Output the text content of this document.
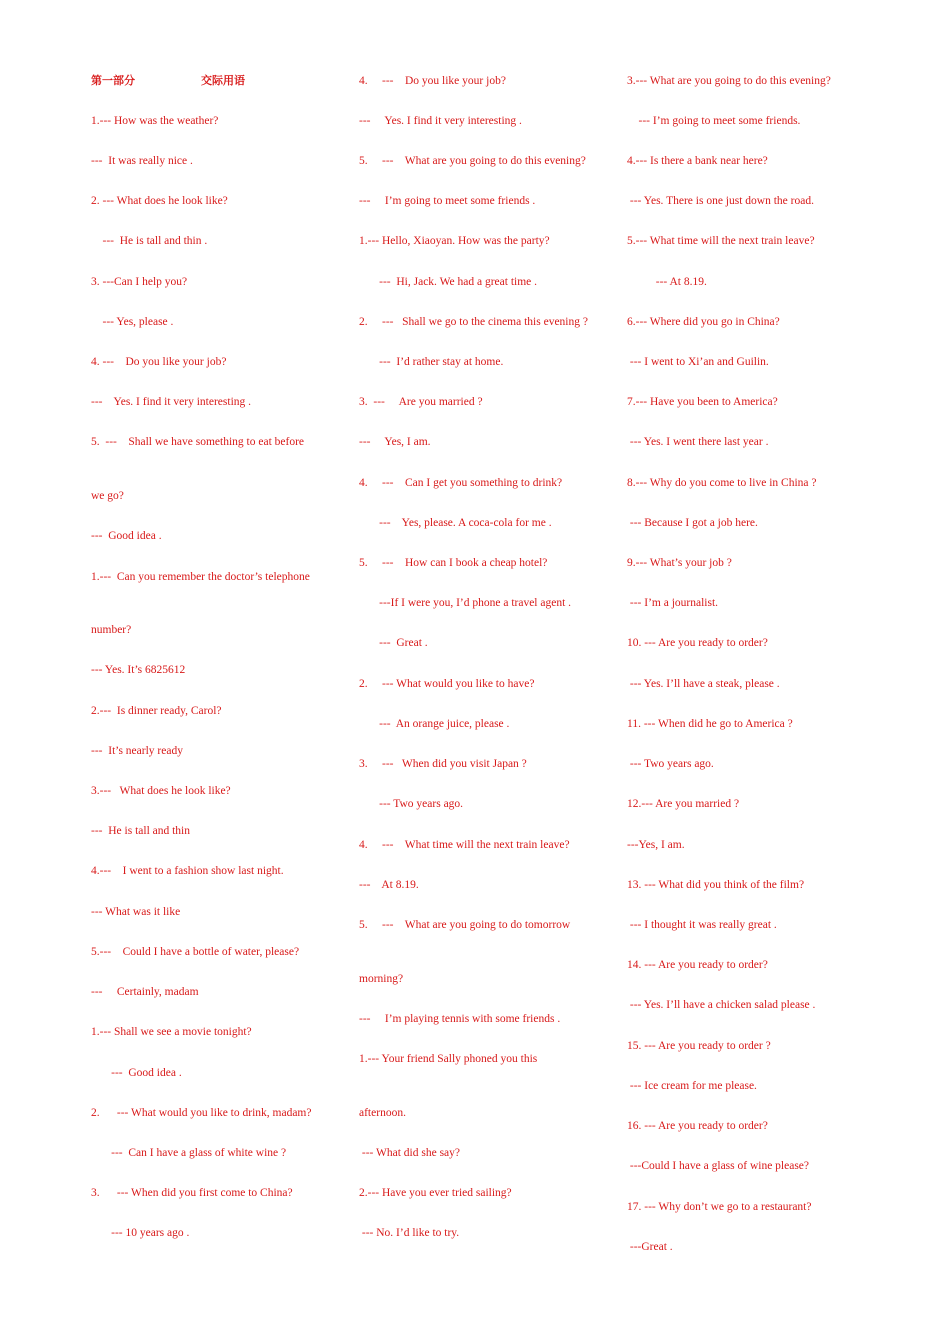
第一部分	交际用语
1.--- How was the weather?
---  It was really nice .
2. --- What does he look like?
---  He is tall and thin .
3. ---Can I help you?
--- Yes, please .
4. ---    Do you like your job?
---    Yes. I find it very interesting .
5.  ---    Shall we have something to eat before
we go?
---  Good idea .
1.---  Can you remember the doctor’s telephone
number?
--- Yes. It’s 6825612
2.---  Is dinner ready, Carol?
---  It’s nearly ready
3.---   What does he look like?
---  He is tall and thin
4.---    I went to a fashion show last night.
--- What was it like
5.---    Could I have a bottle of water, please?
---     Certainly, madam
1.--- Shall we see a movie tonight?
---  Good idea .
2.      --- What would you like to drink, madam?
---  Can I have a glass of white wine ?
3.      --- When did you first come to China?
--- 10 years ago .
4.     ---    Do you like your job?
---     Yes. I find it very interesting .
5.     ---    What are you going to do this evening?
---     I’m going to meet some friends .
1.--- Hello, Xiaoyan. How was the party?
---  Hi, Jack. We had a great time .
2.     ---   Shall we go to the cinema this evening ?
---  I’d rather stay at home.
3.  ---     Are you married ?
---     Yes, I am.
4.     ---    Can I get you something to drink?
---    Yes, please. A coca-cola for me .
5.     ---    How can I book a cheap hotel?
---If I were you, I’d phone a travel agent .
---  Great .
2.     --- What would you like to have?
---  An orange juice, please .
3.     ---   When did you visit Japan ?
--- Two years ago.
4.     ---    What time will the next train leave?
---    At 8.19.
5.     ---    What are you going to do tomorrow
morning?
---     I’m playing tennis with some friends .
1.--- Your friend Sally phoned you this
afternoon.
--- What did she say?
2.--- Have you ever tried sailing?
--- No. I’d like to try.
3.--- What are you going to do this evening?
--- I’m going to meet some friends.
4.--- Is there a bank near here?
--- Yes. There is one just down the road.
5.--- What time will the next train leave?
--- At 8.19.
6.--- Where did you go in China?
--- I went to Xi’an and Guilin.
7.--- Have you been to America?
--- Yes. I went there last year .
8.--- Why do you come to live in China ?
--- Because I got a job here.
9.--- What’s your job ?
--- I’m a journalist.
10. --- Are you ready to order?
--- Yes. I’ll have a steak, please .
11. --- When did he go to America ?
--- Two years ago.
12.--- Are you married ?
---Yes, I am.
13. --- What did you think of the film?
--- I thought it was really great .
14. --- Are you ready to order?
--- Yes. I’ll have a chicken salad please .
15. --- Are you ready to order ?
--- Ice cream for me please.
16. --- Are you ready to order?
---Could I have a glass of wine please?
17. --- Why don’t we go to a restaurant?
---Great .
